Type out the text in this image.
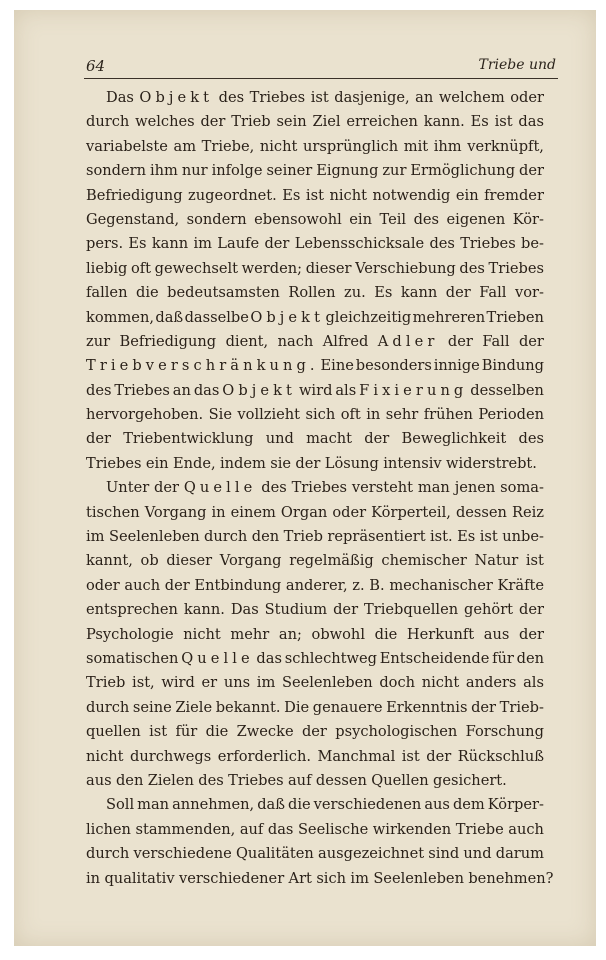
64	Triebe und
Das Objekt des Triebes ist dasjenige, an welchem oder
durch welches der Trieb sein Ziel erreichen kann. Es ist das
variabelste am Triebe, nicht ursprünglich mit ihm verknüpft,
sondern ihm nur infolge seiner Eignung zur Ermöglichung der
Befriedigung zugeordnet. Es ist nicht notwendig ein fremder
Gegenstand, sondern ebensowohl ein Teil des eigenen Kör-
pers. Es kann im Laufe der Lebensschicksale des Triebes be-
liebig oft gewechselt werden; dieser Verschiebung des Triebes
fallen die bedeutsamsten Rollen zu. Es kann der Fall vor-
kommen, daß dasselbe Objekt gleichzeitig mehreren Trieben
zur Befriedigung dient, nach Alfred Adler der Fall der
Triebverschränkung. Eine besonders innige Bindung
des Triebes an das Objekt wird als Fixierung desselben
hervorgehoben. Sie vollzieht sich oft in sehr frühen Perioden
der Triebentwicklung und macht der Beweglichkeit des
Triebes ein Ende, indem sie der Lösung intensiv widerstrebt.
Unter der Quelle des Triebes versteht man jenen soma-
tischen Vorgang in einem Organ oder Körperteil, dessen Reiz
im Seelenleben durch den Trieb repräsentiert ist. Es ist unbe-
kannt, ob dieser Vorgang regelmäßig chemischer Natur ist
oder auch der Entbindung anderer, z. B. mechanischer Kräfte
entsprechen kann. Das Studium der Triebquellen gehört der
Psychologie nicht mehr an; obwohl die Herkunft aus der
somatischen Quelle das schlechtweg Entscheidende für den
Trieb ist, wird er uns im Seelenleben doch nicht anders als
durch seine Ziele bekannt. Die genauere Erkenntnis der Trieb-
quellen ist für die Zwecke der psychologischen Forschung
nicht durchwegs erforderlich. Manchmal ist der Rückschluß
aus den Zielen des Triebes auf dessen Quellen gesichert.
Soll man annehmen, daß die verschiedenen aus dem Körper-
lichen stammenden, auf das Seelische wirkenden Triebe auch
durch verschiedene Qualitäten ausgezeichnet sind und darum
in qualitativ verschiedener Art sich im Seelenleben benehmen?
